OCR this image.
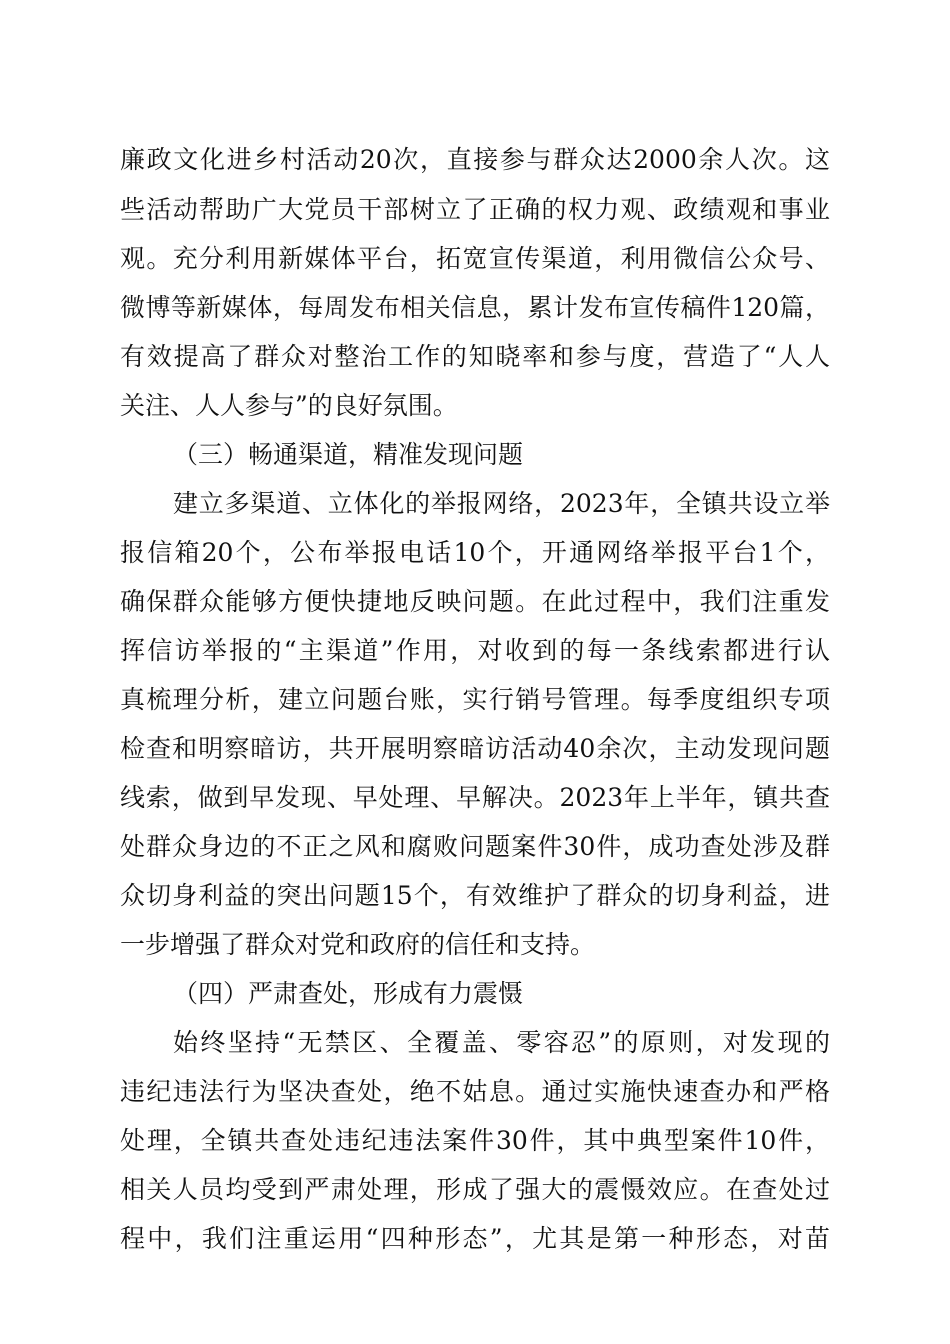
廉政文化进乡村活动20次，直接参与群众达2000余人次。这
些活动帮助广大党员干部树立了正确的权力观、政绩观和事业
观。充分利用新媒体平台，拓宽宣传渠道，利用微信公众号、
微博等新媒体，每周发布相关信息，累计发布宣传稿件120篇，
有效提高了群众对整治工作的知晓率和参与度，营造了“人人
关注、人人参与”的良好氛围。
（三）畅通渠道，精准发现问题
建立多渠道、立体化的举报网络，2023年，全镇共设立举
报信箱20个，公布举报电话10个，开通网络举报平台1个，
确保群众能够方便快捷地反映问题。在此过程中，我们注重发
挥信访举报的“主渠道”作用，对收到的每一条线索都进行认
真梳理分析，建立问题台账，实行销号管理。每季度组织专项
检查和明察暗访，共开展明察暗访活动40余次，主动发现问题
线索，做到早发现、早处理、早解决。2023年上半年，镇共查
处群众身边的不正之风和腐败问题案件30件，成功查处涉及群
众切身利益的突出问题15个，有效维护了群众的切身利益，进
一步增强了群众对党和政府的信任和支持。
（四）严肃查处，形成有力震慑
始终坚持“无禁区、全覆盖、零容忍”的原则，对发现的
违纪违法行为坚决查处，绝不姑息。通过实施快速查办和严格
处理，全镇共查处违纪违法案件30件，其中典型案件10件，
相关人员均受到严肃处理，形成了强大的震慑效应。在查处过
程中，我们注重运用“四种形态”，尤其是第一种形态，对苗
